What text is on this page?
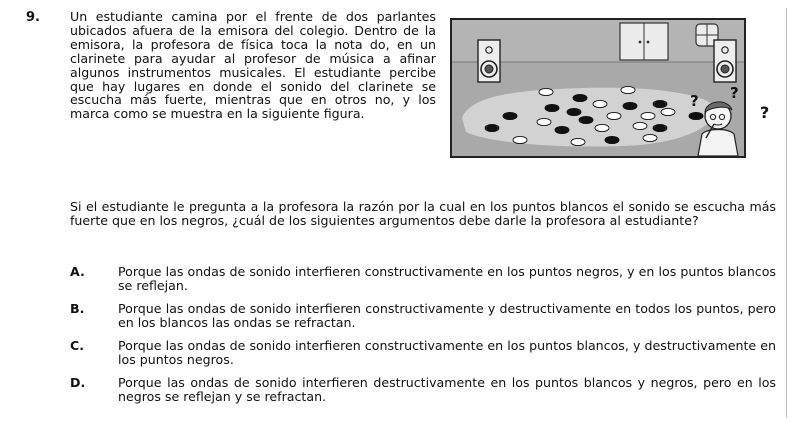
9. Un estudiante camina por el frente de dos parlantes ubicados afuera de la emisora del colegio. Dentro de la emisora, la profesora de física toca la nota do, en un clarinete para ayudar al profesor de música a afinar algunos instrumentos musicales. El estudiante percibe que hay lugares en donde el sonido del clarinete se escucha más fuerte, mientras que en otros no, y los marca como se muestra en la siguiente figura.
? ?
?
Si el estudiante le pregunta a la profesora la razón por la cual en los puntos blancos el sonido se escucha más fuerte que en los negros, ¿cuál de los siguientes argumentos debe darle la profesora al estudiante?
A.	Porque las ondas de sonido interfieren constructivamente en los puntos negros, y en los puntos blancos se reflejan.
B.	Porque las ondas de sonido interfieren constructivamente y destructivamente en todos los puntos, pero en los blancos las ondas se refractan.
C.	Porque las ondas de sonido interfieren constructivamente en los puntos blancos, y destructivamente en los puntos negros.
D.	Porque las ondas de sonido interfieren destructivamente en los puntos blancos y negros, pero en los negros se reflejan y se refractan.
